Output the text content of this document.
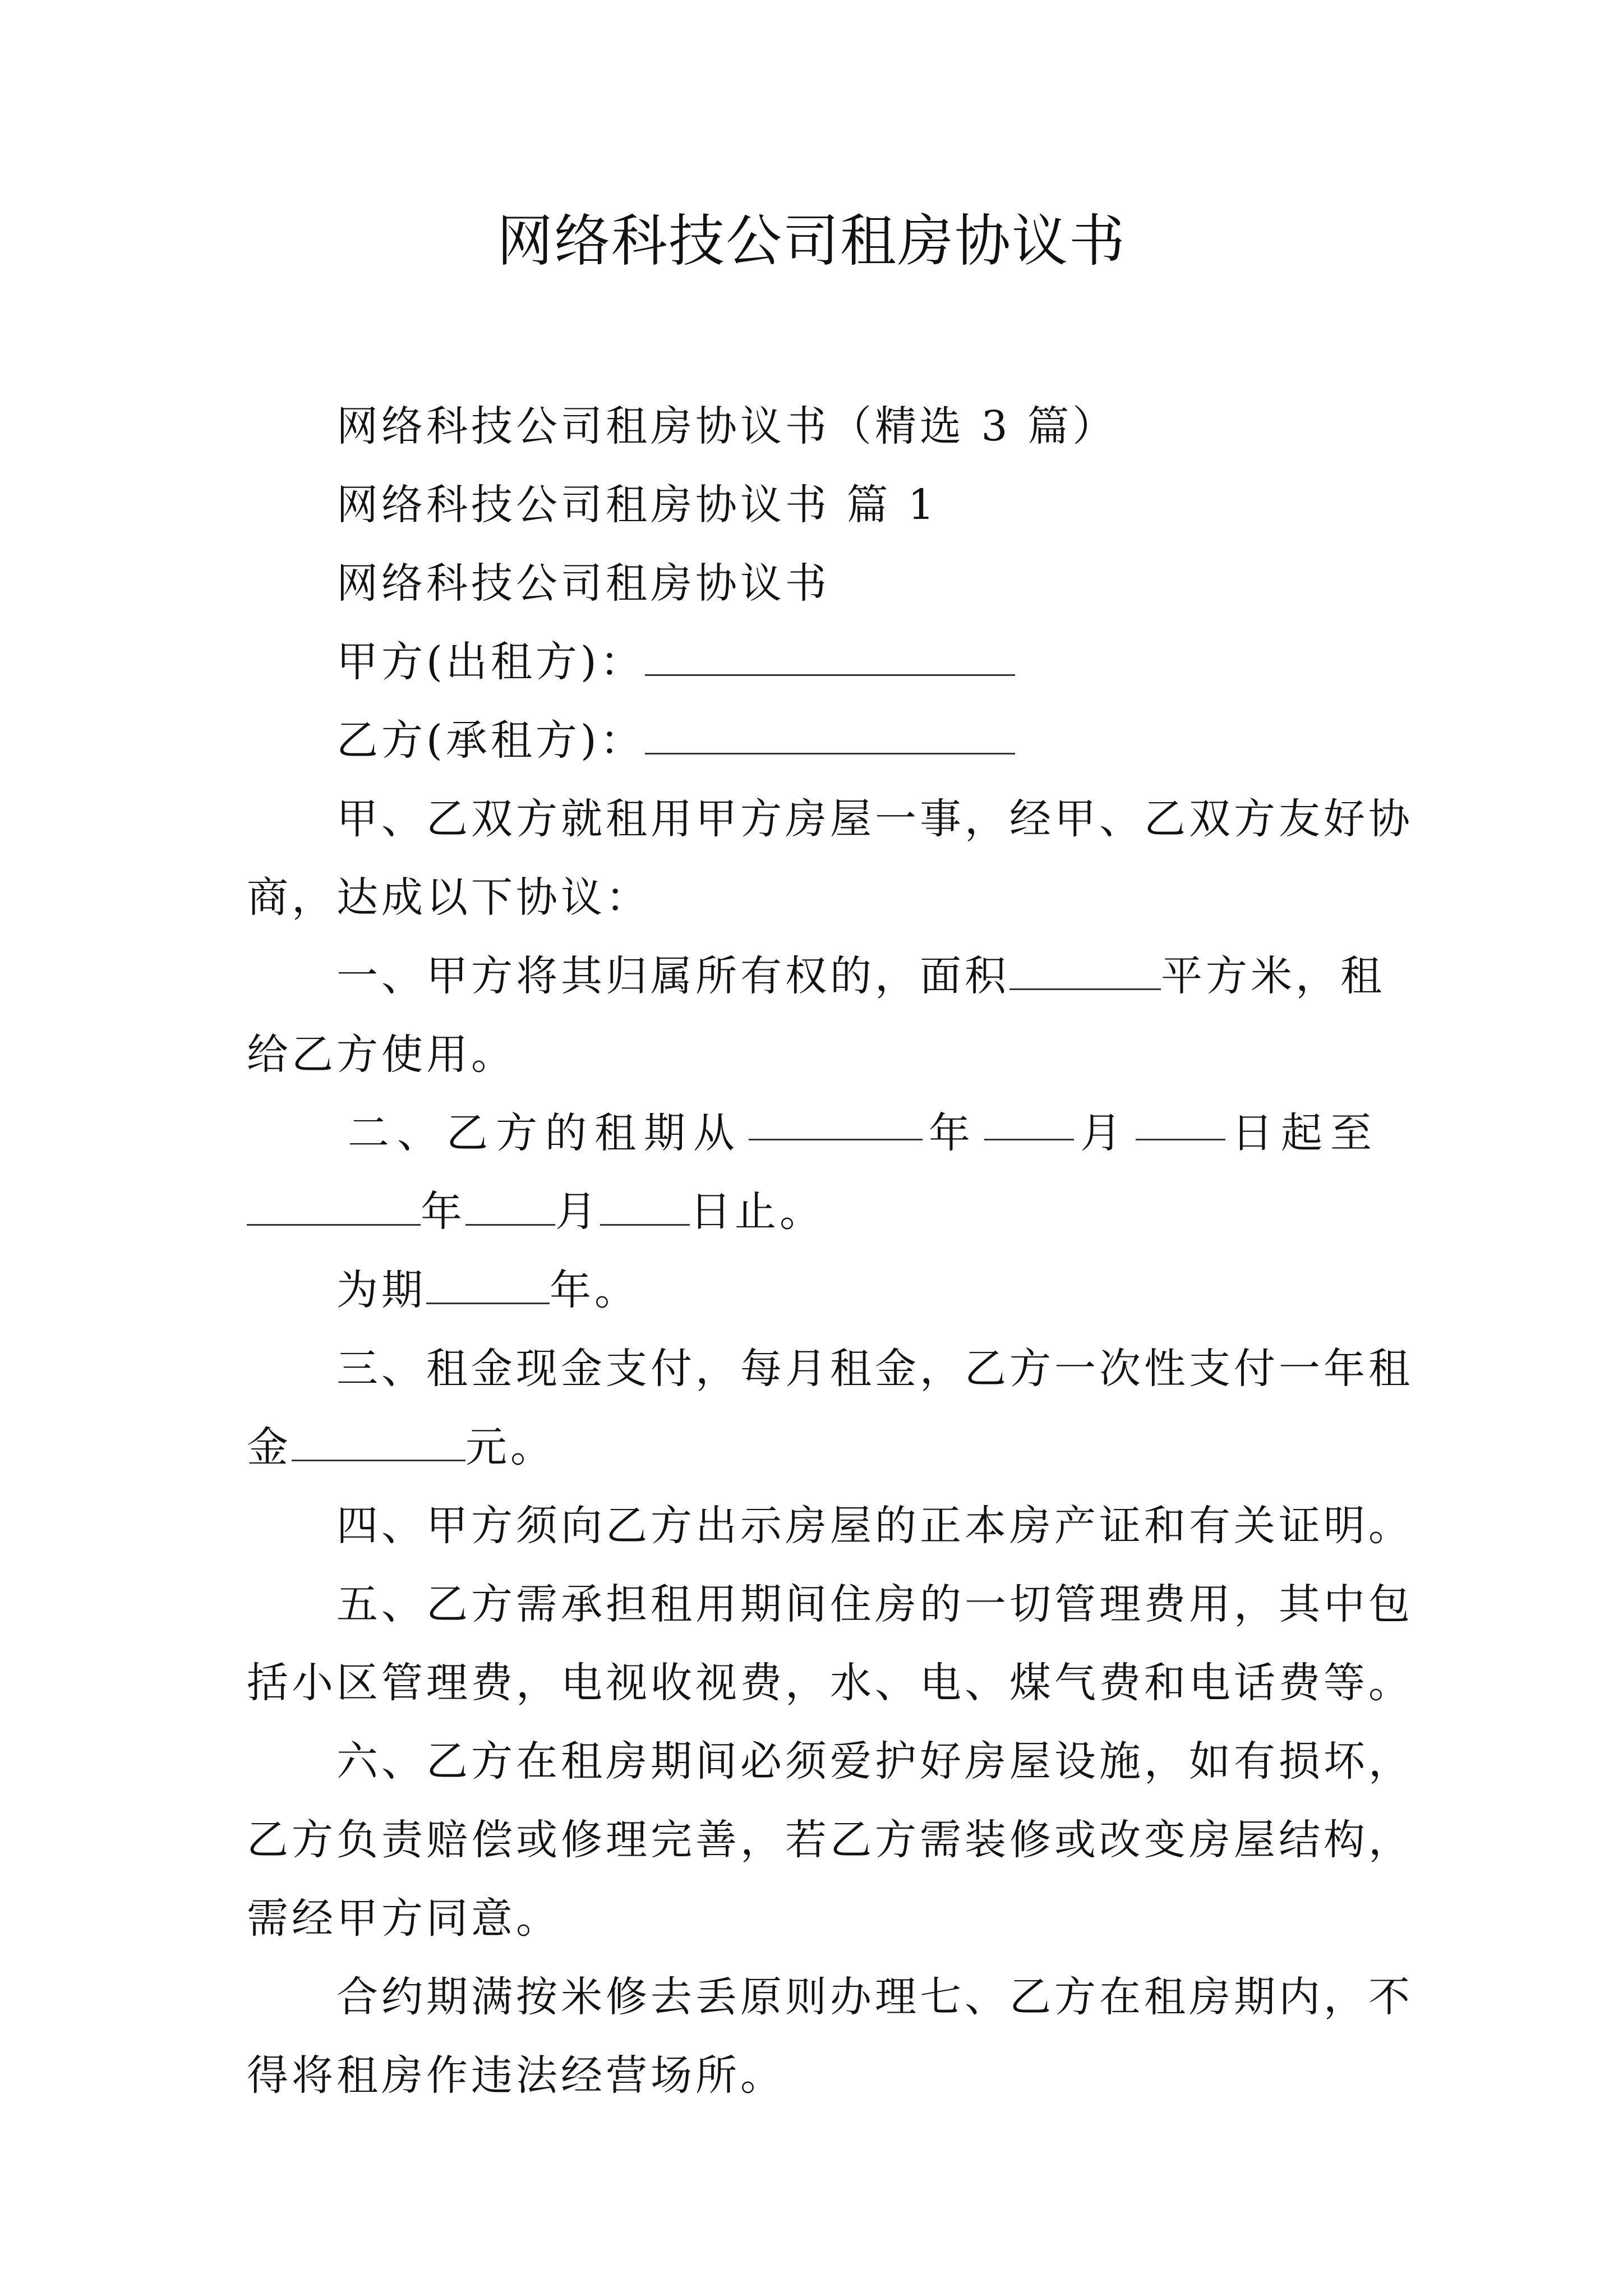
网络科技公司租房协议书
网络科技公司租房协议书（精选 3 篇）
网络科技公司租房协议书 篇 1
网络科技公司租房协议书
甲方(出租方)：
乙方(承租方)：
甲、乙双方就租用甲方房屋一事，经甲、乙双方友好协
商，达成以下协议：
一、甲方将其归属所有权的，面积	平方米，租
给乙方使用。
二、乙方的租期从	年 月 日起至
年 月 日止。
为期	年。
三、租金现金支付，每月租金，乙方一次性支付一年租
金	元。
四、甲方须向乙方出示房屋的正本房产证和有关证明。
五、乙方需承担租用期间住房的一切管理费用，其中包
括小区管理费，电视收视费，水、电、煤气费和电话费等。
六、乙方在租房期间必须爱护好房屋设施，如有损坏，
乙方负责赔偿或修理完善，若乙方需装修或改变房屋结构，
需经甲方同意。
合约期满按米修去丢原则办理七、乙方在租房期内，不
得将租房作违法经营场所。
